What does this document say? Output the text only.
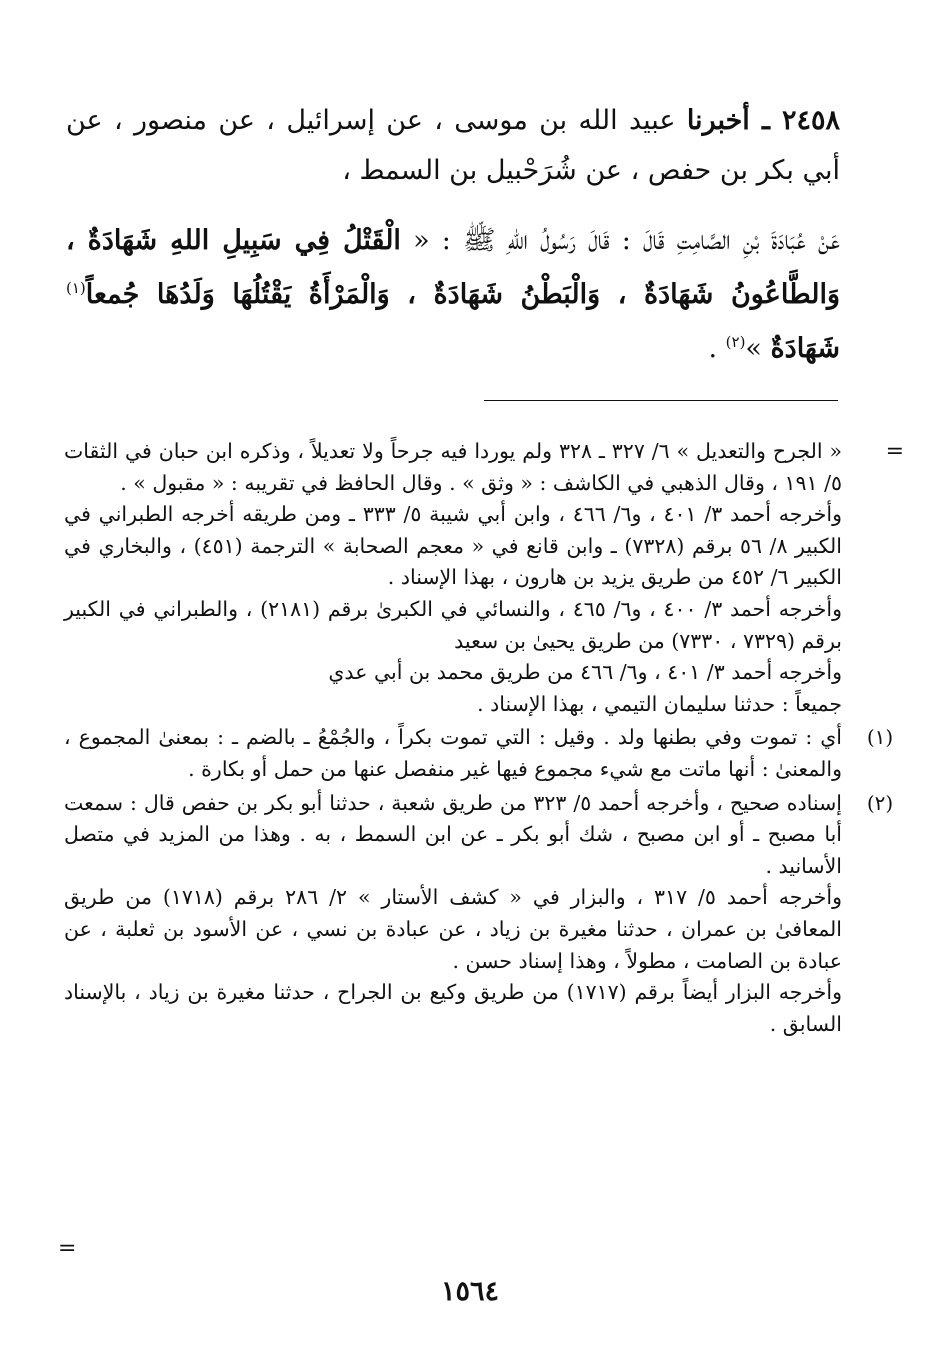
٢٤٥٨ ـ أخبرنا عبيد الله بن موسى ، عن إسرائيل ، عن منصور ، عن أبي بكر بن حفص ، عن شُرَحْبيل بن السمط ،

عَنْ عُبَادَةَ بْنِ الصَّامِتِ قَالَ : قَالَ رَسُولُ اللهِ ﷺ : « الْقَتْلُ فِي سَبِيلِ اللهِ شَهَادَةٌ ، وَالطَّاعُونُ شَهَادَةٌ ، وَالْبَطْنُ شَهَادَةٌ ، وَالْمَرْأَةُ يَقْتُلُهَا وَلَدُهَا جُمعاً$^{(١)}$ شَهَادَةٌ »$^{(٢)}$ .

=

« الجرح والتعديل » ٦/ ٣٢٧ ـ ٣٢٨ ولم يوردا فيه جرحاً ولا تعديلاً ، وذكره ابن حبان في الثقات ٥/ ١٩١ ، وقال الذهبي في الكاشف : « وثق » . وقال الحافظ في تقريبه : « مقبول » .

وأخرجه أحمد ٣/ ٤٠١ ، و٦/ ٤٦٦ ، وابن أبي شيبة ٥/ ٣٣٣ ـ ومن طريقه أخرجه الطبراني في الكبير ٨/ ٥٦ برقم (٧٣٢٨) ـ وابن قانع في « معجم الصحابة » الترجمة (٤٥١) ، والبخاري في الكبير ٦/ ٤٥٢ من طريق يزيد بن هارون ، بهذا الإسناد .

وأخرجه أحمد ٣/ ٤٠٠ ، و٦/ ٤٦٥ ، والنسائي في الكبرىٰ برقم (٢١٨١) ، والطبراني في الكبير برقم (٧٣٢٩ ، ٧٣٣٠) من طريق يحيىٰ بن سعيد

وأخرجه أحمد ٣/ ٤٠١ ، و٦/ ٤٦٦ من طريق محمد بن أبي عدي

جميعاً : حدثنا سليمان التيمي ، بهذا الإسناد .

(١)

أي : تموت وفي بطنها ولد . وقيل : التي تموت بكراً ، والجُمْعُ ـ بالضم ـ : بمعنىٰ المجموع ، والمعنىٰ : أنها ماتت مع شيء مجموع فيها غير منفصل عنها من حمل أو بكارة .

(٢)

إسناده صحيح ، وأخرجه أحمد ٥/ ٣٢٣ من طريق شعبة ، حدثنا أبو بكر بن حفص قال : سمعت أبا مصبح ـ أو ابن مصبح ، شك أبو بكر ـ عن ابن السمط ، به . وهذا من المزيد في متصل الأسانيد .

وأخرجه أحمد ٥/ ٣١٧ ، والبزار في « كشف الأستار » ٢/ ٢٨٦ برقم (١٧١٨) من طريق المعافىٰ بن عمران ، حدثنا مغيرة بن زياد ، عن عبادة بن نسي ، عن الأسود بن ثعلبة ، عن عبادة بن الصامت ، مطولاً ، وهذا إسناد حسن .

وأخرجه البزار أيضاً برقم (١٧١٧) من طريق وكيع بن الجراح ، حدثنا مغيرة بن زياد ، بالإسناد السابق .

=
١٥٦٤
